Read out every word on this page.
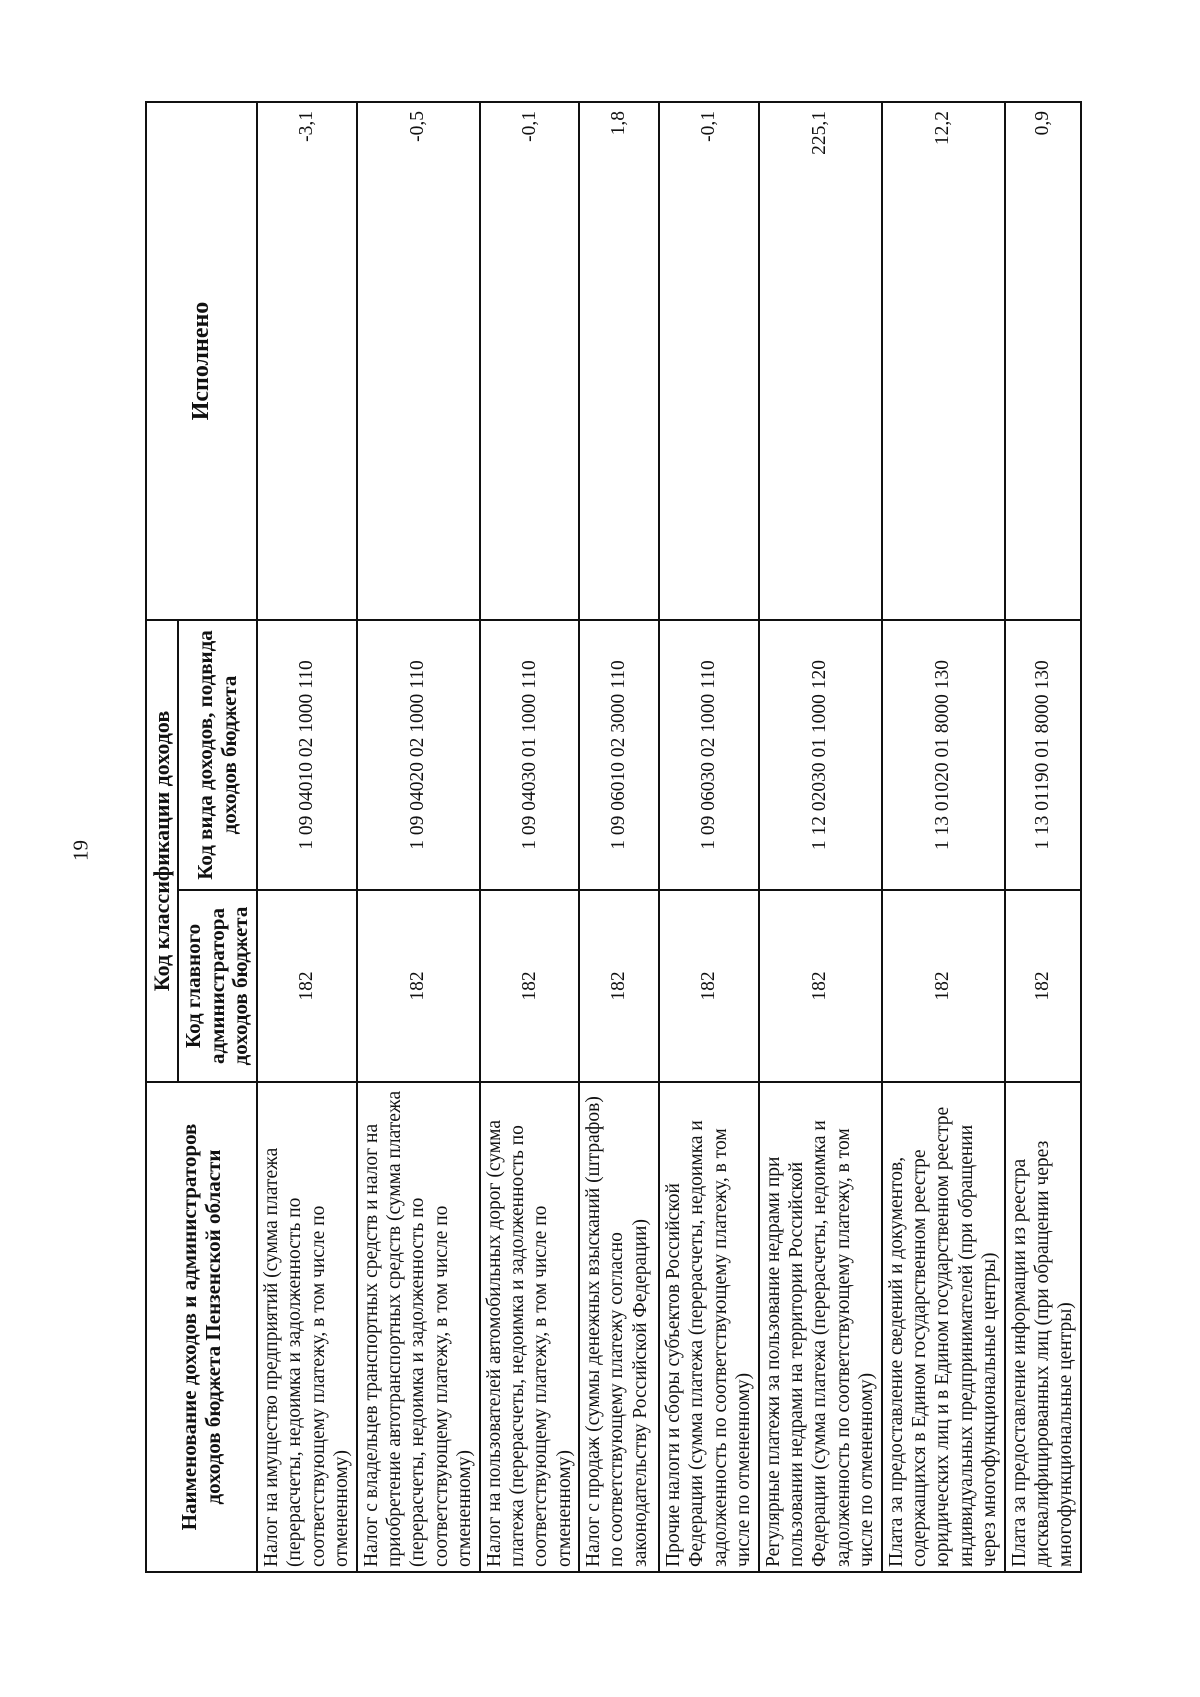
19
Наименование доходов и администраторов доходов бюджета Пензенской области	Код классификации доходов		Исполнено
	Код главного администратора доходов бюджета	Код вида доходов, подвида доходов бюджета	
Налог на имущество предприятий (сумма платежа (перерасчеты, недоимка и задолженность по соответствующему платежу, в том числе по отмененному)	182	1 09 04010 02 1000 110	-3,1
Налог с владельцев транспортных средств и налог на приобретение автотранспортных средств (сумма платежа (перерасчеты, недоимка и задолженность по соответствующему платежу, в том числе по отмененному)	182	1 09 04020 02 1000 110	-0,5
Налог на пользователей автомобильных дорог (сумма платежа (перерасчеты, недоимка и задолженность по соответствующему платежу, в том числе по отмененному)	182	1 09 04030 01 1000 110	-0,1
Налог с продаж (суммы денежных взысканий (штрафов) по соответствующему платежу согласно законодательству Российской Федерации)	182	1 09 06010 02 3000 110	1,8
Прочие налоги и сборы субъектов Российской Федерации (сумма платежа (перерасчеты, недоимка и задолженность по соответствующему платежу, в том числе по отмененному)	182	1 09 06030 02 1000 110	-0,1
Регулярные платежи за пользование недрами при пользовании недрами на территории Российской Федерации (сумма платежа (перерасчеты, недоимка и задолженность по соответствующему платежу, в том числе по отмененному)	182	1 12 02030 01 1000 120	225,1
Плата за предоставление сведений и документов, содержащихся в Едином государственном реестре юридических лиц и в Едином государственном реестре индивидуальных предпринимателей (при обращении через многофункциональные центры)	182	1 13 01020 01 8000 130	12,2
Плата за предоставление информации из реестра дисквалифицированных лиц (при обращении через многофункциональные центры)	182	1 13 01190 01 8000 130	0,9
